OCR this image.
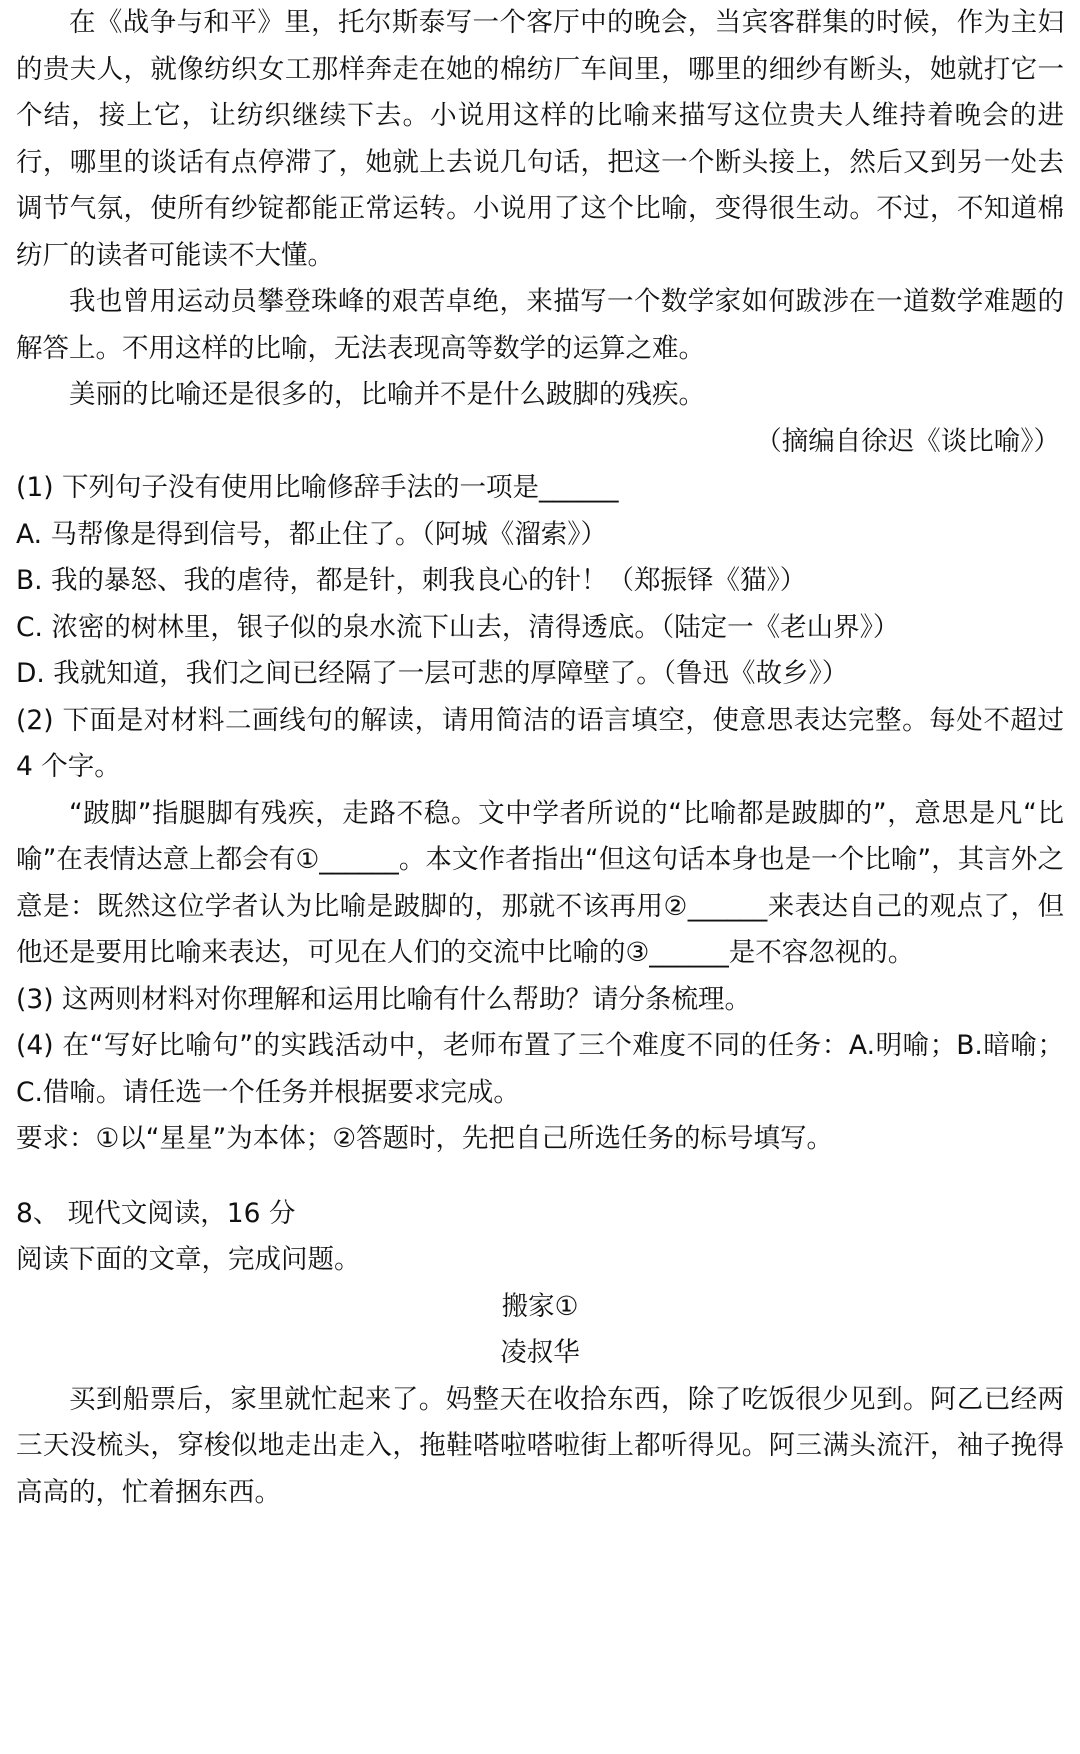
在《战争与和平》里，托尔斯泰写一个客厅中的晚会，当宾客群集的时候，作为主妇的贵夫人，就像纺织女工那样奔走在她的棉纺厂车间里，哪里的细纱有断头，她就打它一个结，接上它，让纺织继续下去。小说用这样的比喻来描写这位贵夫人维持着晚会的进行，哪里的谈话有点停滞了，她就上去说几句话，把这一个断头接上，然后又到另一处去调节气氛，使所有纱锭都能正常运转。小说用了这个比喻，变得很生动。不过，不知道棉纺厂的读者可能读不大懂。

我也曾用运动员攀登珠峰的艰苦卓绝，来描写一个数学家如何跋涉在一道数学难题的解答上。不用这样的比喻，无法表现高等数学的运算之难。

美丽的比喻还是很多的，比喻并不是什么跛脚的残疾。

（摘编自徐迟《谈比喻》）

(1) 下列句子没有使用比喻修辞手法的一项是______

A. 马帮像是得到信号，都止住了。（阿城《溜索》）

B. 我的暴怒、我的虐待，都是针，刺我良心的针！（郑振铎《猫》）

C. 浓密的树林里，银子似的泉水流下山去，清得透底。（陆定一《老山界》）

D. 我就知道，我们之间已经隔了一层可悲的厚障壁了。（鲁迅《故乡》）

(2) 下面是对材料二画线句的解读，请用简洁的语言填空，使意思表达完整。每处不超过 4 个字。

“跛脚”指腿脚有残疾，走路不稳。文中学者所说的“比喻都是跛脚的”，意思是凡“比喻”在表情达意上都会有①______。本文作者指出“但这句话本身也是一个比喻”，其言外之意是：既然这位学者认为比喻是跛脚的，那就不该再用②______来表达自己的观点了，但他还是要用比喻来表达，可见在人们的交流中比喻的③______是不容忽视的。

(3) 这两则材料对你理解和运用比喻有什么帮助？请分条梳理。

(4) 在“写好比喻句”的实践活动中，老师布置了三个难度不同的任务：A.明喻；B.暗喻；C.借喻。请任选一个任务并根据要求完成。

要求：①以“星星”为本体；②答题时，先把自己所选任务的标号填写。

8、 现代文阅读，16 分

阅读下面的文章，完成问题。

搬家①

凌叔华

买到船票后，家里就忙起来了。妈整天在收拾东西，除了吃饭很少见到。阿乙已经两三天没梳头，穿梭似地走出走入，拖鞋嗒啦嗒啦街上都听得见。阿三满头流汗，袖子挽得高高的，忙着捆东西。
